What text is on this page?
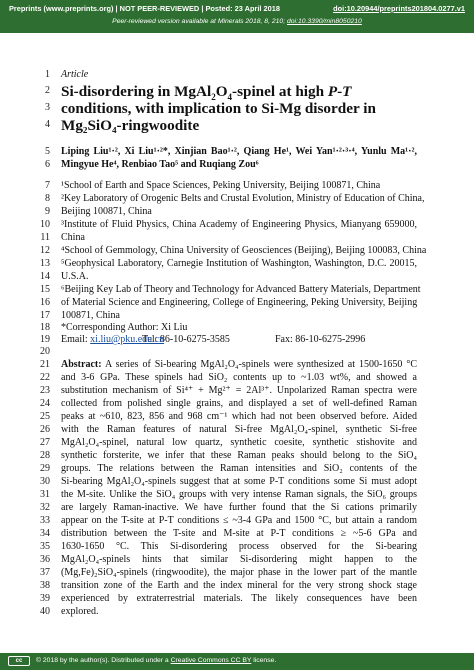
Preprints (www.preprints.org) | NOT PEER-REVIEWED | Posted: 23 April 2018	doi:10.20944/preprints201804.0277.v1
Peer-reviewed version available at Minerals 2018, 8, 210; doi:10.3390/min8050210
1
2
3
4
5
6
7
8
9
10
11
12
13
14
15
16
17
18
19
20
21
22
23
24
25
26
27
28
29
30
31
32
33
34
35
36
37
38
39
40
Article
Si-disordering in $MgAl_2O_4$-spinel at high P-T
conditions, with implication to Si-Mg disorder in
Mg₂SiO₄-ringwoodite
Liping Liu¹·², Xi Liu¹·²*, Xinjian Bao¹·², Qiang He¹, Wei Yan¹·²·³·⁴, Yunlu Ma¹·²,
Mingyue He⁴, Renbiao Tao⁵ and Ruqiang Zou⁶
¹School of Earth and Space Sciences, Peking University, Beijing 100871, China
²Key Laboratory of Orogenic Belts and Crustal Evolution, Ministry of Education of China,
Beijing 100871, China
³Institute of Fluid Physics, China Academy of Engineering Physics, Mianyang 659000,
China
⁴School of Gemmology, China University of Geosciences (Beijing), Beijing 100083, China
⁵Geophysical Laboratory, Carnegie Institution of Washington, Washington, D.C. 20015,
U.S.A.
⁶Beijing Key Lab of Theory and Technology for Advanced Battery Materials, Department
of Material Science and Engineering, College of Engineering, Peking University, Beijing
100871, China
*Corresponding Author: Xi Liu
Tel: 86-10-6275-3585	Fax: 86-10-6275-2996
Email: xi.liu@pku.edu.cn
Abstract: A series of Si-bearing MgAl₂O₄-spinels were synthesized at 1500-1650 °C
and 3-6 GPa. These spinels had SiO₂ contents up to ~1.03 wt%, and showed a
substitution mechanism of Si⁴⁺ + Mg²⁺ = 2Al³⁺. Unpolarized Raman spectra were
collected from polished single grains, and displayed a set of well-defined Raman
peaks at ~610, 823, 856 and 968 cm⁻¹ which had not been observed before. Aided
with the Raman features of natural Si-free MgAl₂O₄-spinel, synthetic Si-free
MgAl₂O₄-spinel, natural low quartz, synthetic coesite, synthetic stishovite and
synthetic forsterite, we infer that these Raman peaks should belong to the SiO₄
groups. The relations between the Raman intensities and SiO₂ contents of the
Si-bearing MgAl₂O₄-spinels suggest that at some P-T conditions some Si must adopt
the M-site. Unlike the SiO₄ groups with very intense Raman signals, the SiO₆ groups
are largely Raman-inactive. We have further found that the Si cations primarily
appear on the T-site at P-T conditions ≤ ~3-4 GPa and 1500 °C, but attain a random
distribution between the T-site and M-site at P-T conditions ≥ ~5-6 GPa and
1630-1650 °C. This Si-disordering process observed for the Si-bearing
MgAl₂O₄-spinels hints that similar Si-disordering might happen to the
(Mg,Fe)₂SiO₄-spinels (ringwoodite), the major phase in the lower part of the mantle
transition zone of the Earth and the index mineral for the very strong shock stage
experienced by extraterrestrial materials. The likely consequences have been
explored.
cc	© 2018 by the author(s). Distributed under a Creative Commons CC BY license.
